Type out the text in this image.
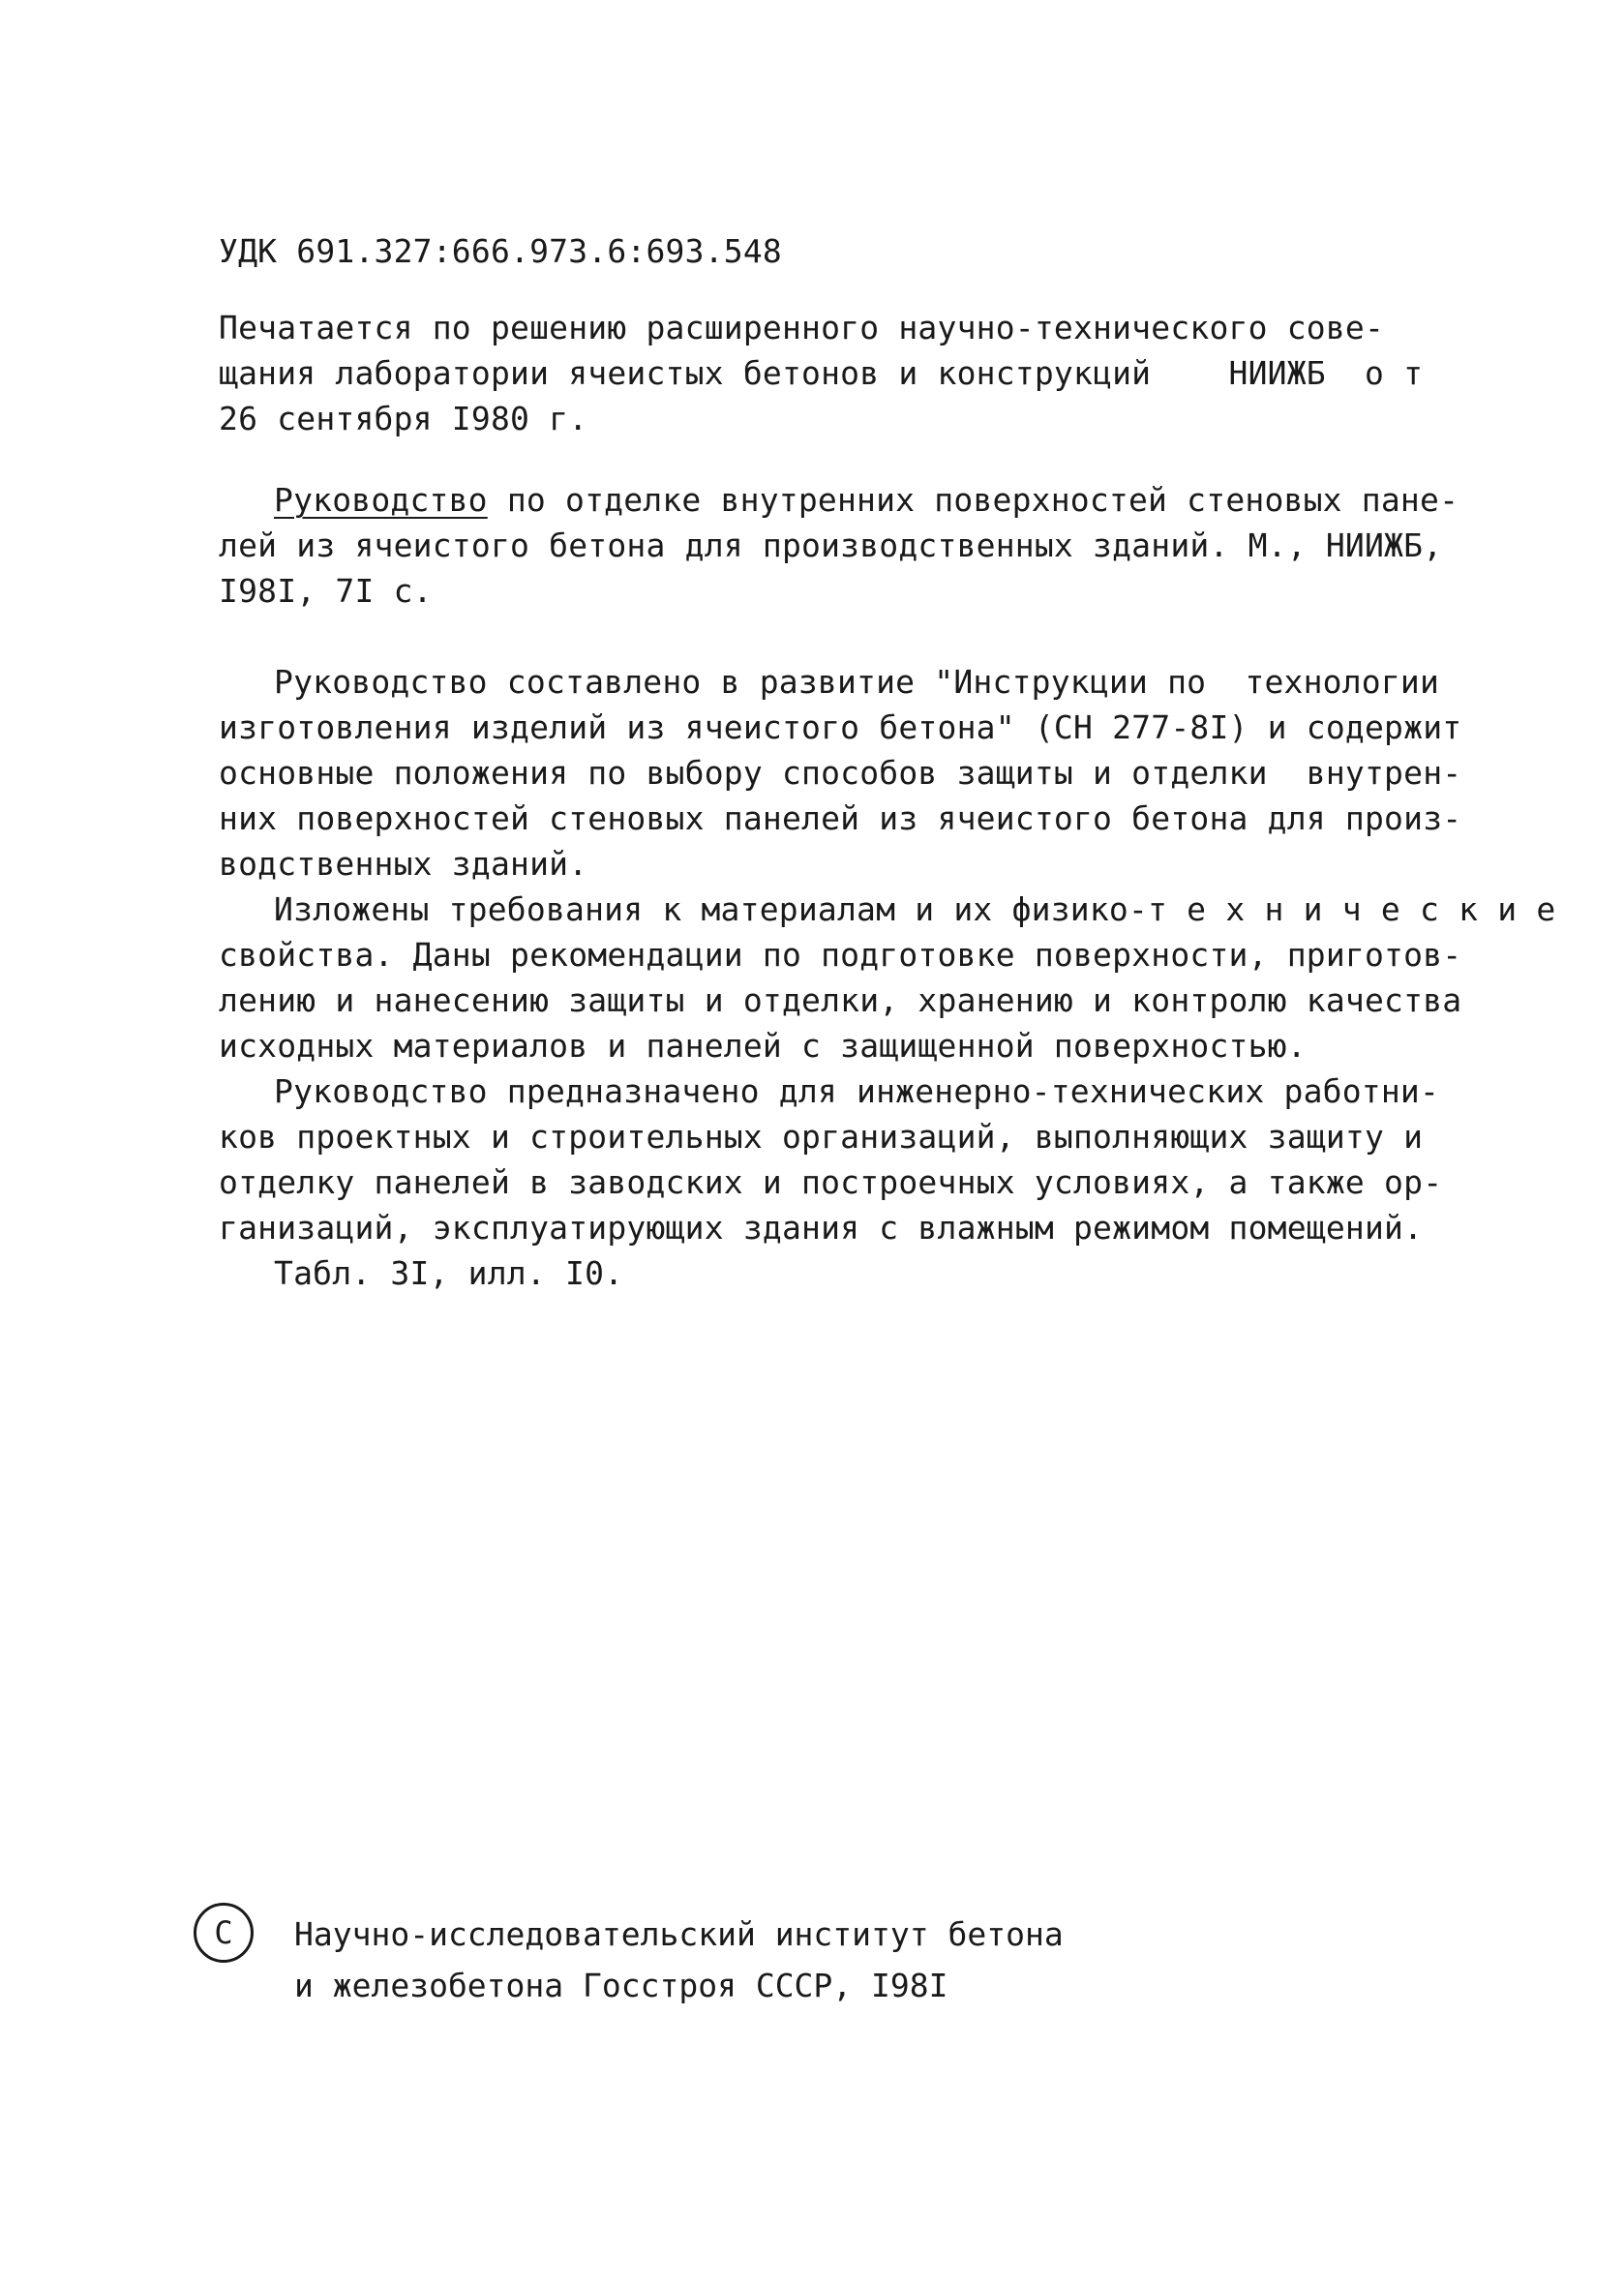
УДК 691.327:666.973.6:693.548
Печатается по решению расширенного научно-технического совe-
щания лаборатории ячеистых бетонов и конструкций    НИИЖБ  о т
26 сентября I980 г.
Руководство по отделке внутренних поверхностей стеновых пане-
лей из ячеистого бетона для производственных зданий. М., НИИЖБ,
I98I, 7I с.
Руководство составлено в развитие "Инструкции по  технологии
изготовления изделий из ячеистого бетона" (СН 277-8I) и содержит
основные положения по выбору способов защиты и отделки  внутрен-
них поверхностей стеновых панелей из ячеистого бетона для произ-
водственных зданий.
Изложены требования к материалам и их физико-т е х н и ч е с к и е
свойства. Даны рекомендации по подготовке поверхности, приготов-
лению и нанесению защиты и отделки, хранению и контролю качества
исходных материалов и панелей с защищенной поверхностью.
Руководство предназначено для инженерно-технических работни-
ков проектных и строительных организаций, выполняющих защиту и
отделку панелей в заводских и построечных условиях, а также ор-
ганизаций, эксплуатирующих здания с влажным режимом помещений.
Табл. 3I, илл. I0.
C Научно-исследовательский институт бетона
и железобетона Госстроя СССР, I98I
